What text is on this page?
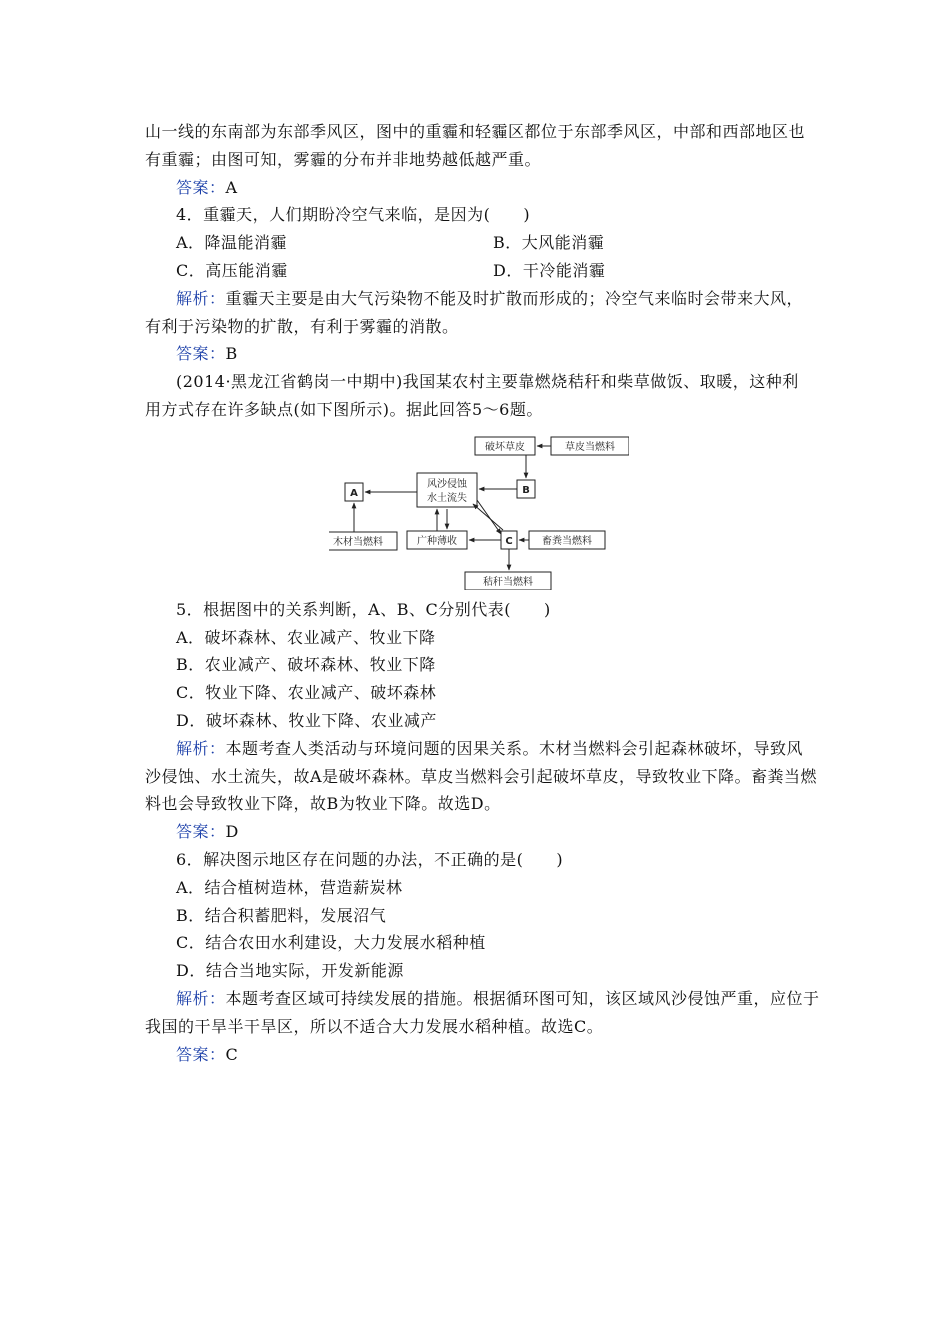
山一线的东南部为东部季风区，图中的重霾和轻霾区都位于东部季风区，中部和西部地区也
有重霾；由图可知，雾霾的分布并非地势越低越严重。
答案：A
4．重霾天，人们期盼冷空气来临，是因为(　　)
A．降温能消霾	B．大风能消霾
C．高压能消霾	D．干冷能消霾
解析：重霾天主要是由大气污染物不能及时扩散而形成的；冷空气来临时会带来大风，
有利于污染物的扩散，有利于雾霾的消散。
答案：B
(2014·黑龙江省鹤岗一中期中)我国某农村主要靠燃烧秸秆和柴草做饭、取暖，这种利
用方式存在许多缺点(如下图所示)。据此回答5～6题。
破坏草皮	草皮当燃料
A
风沙侵蚀
水土流失
B
木材当燃料	广种薄收	C	畜粪当燃料
秸秆当燃料
5．根据图中的关系判断，A、B、C分别代表(　　)
A．破坏森林、农业减产、牧业下降
B．农业减产、破坏森林、牧业下降
C．牧业下降、农业减产、破坏森林
D．破坏森林、牧业下降、农业减产
解析：本题考查人类活动与环境问题的因果关系。木材当燃料会引起森林破坏，导致风
沙侵蚀、水土流失，故A是破坏森林。草皮当燃料会引起破坏草皮，导致牧业下降。畜粪当燃
料也会导致牧业下降，故B为牧业下降。故选D。
答案：D
6．解决图示地区存在问题的办法，不正确的是(　　)
A．结合植树造林，营造薪炭林
B．结合积蓄肥料，发展沼气
C．结合农田水利建设，大力发展水稻种植
D．结合当地实际，开发新能源
解析：本题考查区域可持续发展的措施。根据循环图可知，该区域风沙侵蚀严重，应位于
我国的干旱半干旱区，所以不适合大力发展水稻种植。故选C。
答案：C
